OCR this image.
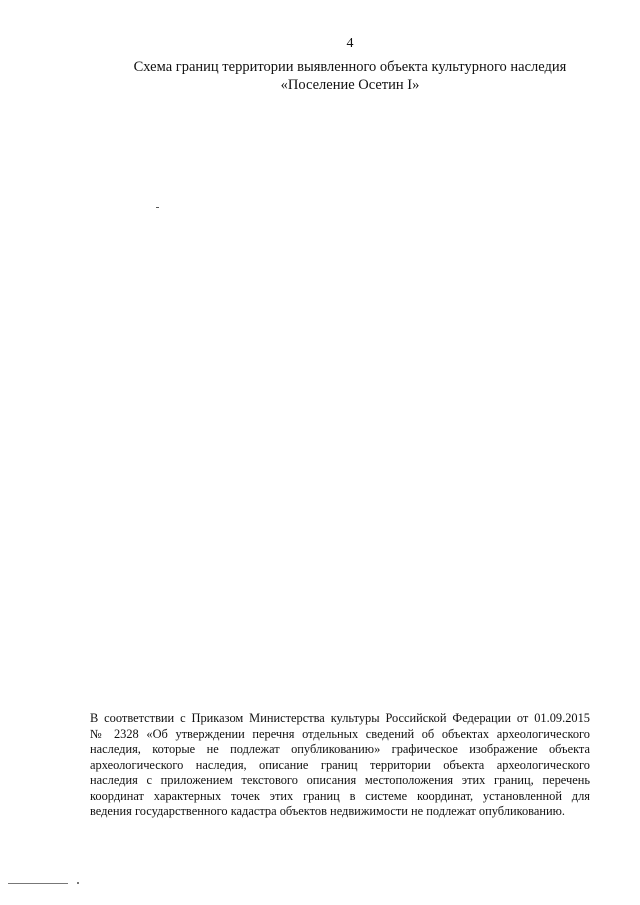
4
Схема границ территории выявленного объекта культурного наследия
«Поселение Осетин I»
В соответствии с Приказом Министерства культуры Российской Федерации от 01.09.2015
№ 2328 «Об утверждении перечня отдельных сведений об объектах археологического
наследия, которые не подлежат опубликованию» графическое изображение объекта
археологического наследия, описание границ территории объекта археологического
наследия с приложением текстового описания местоположения этих границ, перечень
координат характерных точек этих границ в системе координат, установленной для
ведения государственного кадастра объектов недвижимости не подлежат опубликованию.
